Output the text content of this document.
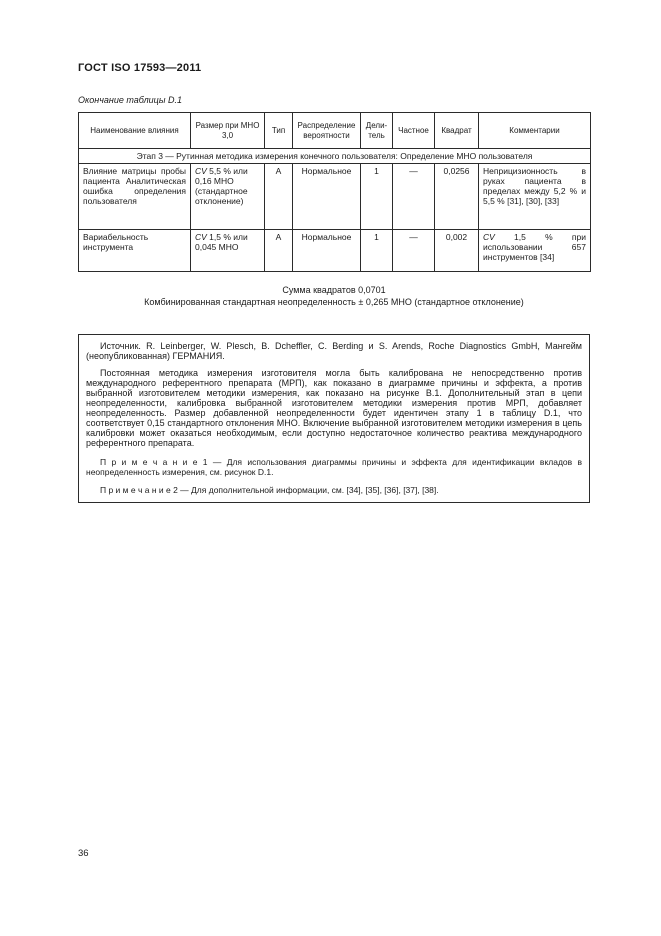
ГОСТ ISO 17593—2011
Окончание таблицы D.1
Наименование влияния	Размер при МНО 3,0	Тип	Распределение вероятности	Дели- тель	Частное	Квадрат	Комментарии
Этап 3 — Рутинная методика измерения конечного пользователя: Определение МНО пользователя							
Влияние матрицы пробы пациента Аналитическая ошибка определения пользователя	CV 5,5 % или 0,16 МНО (стандартное отклонение)	А	Нормальное	1	—	0,0256	Неприцизионность в руках пациента в пределах между 5,2 % и 5,5 % [31], [30], [33]
Вариабельность инструмента	CV 1,5 % или 0,045 МНО	А	Нормальное	1	—	0,002	CV 1,5 % при использовании 657 инструментов [34]
Сумма квадратов 0,0701
Комбинированная стандартная неопределенность ± 0,265 МНО (стандартное отклонение)

Источник. R. Leinberger, W. Plesch, B. Dcheffler, C. Berding и S. Arends, Roche Diagnostics GmbH, Мангейм (неопубликованная) ГЕРМАНИЯ.

Постоянная методика измерения изготовителя могла быть калибрована не непосредственно против международного референтного препарата (МРП), как показано в диаграмме причины и эффекта, а против выбранной изготовителем методики измерения, как показано на рисунке В.1. Дополнительный этап в цепи неопределенности, калибровка выбранной изготовителем методики измерения против МРП, добавляет неопределенность. Размер добавленной неопределенности будет идентичен этапу 1 в таблицу D.1, что соответствует 0,15 стандартного отклонения МНО. Включение выбранной изготовителем методики измерения в цепь калибровки может оказаться необходимым, если доступно недостаточное количество реактива международного референтного препарата.

П р и м е ч а н и е 1 — Для использования диаграммы причины и эффекта для идентификации вкладов в неопределенность измерения, см. рисунок D.1.

П р и м е ч а н и е 2 — Для дополнительной информации, см. [34], [35], [36], [37], [38].

36
